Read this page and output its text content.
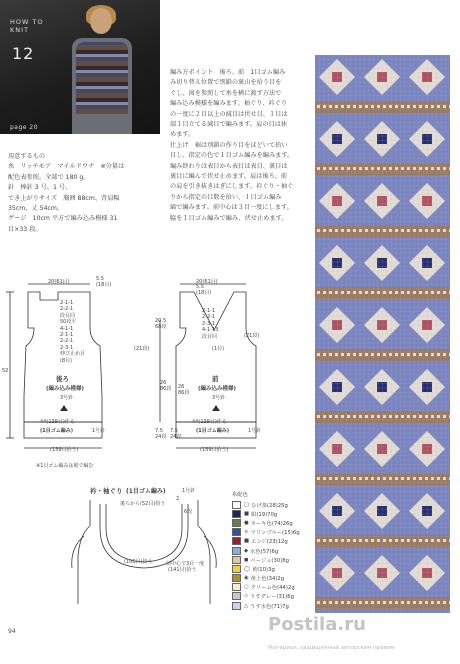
HOW TO
KNIT
12
page 20
用意するもの
糸　リッチモア　マイルドウナ　※分量は
配色表参照。全部で 180 g。
針　棒針 3 号、1 号。
でき上がりサイズ　胸囲 88cm、背肩幅
35cm、丈 54cm。
ゲージ　10cm 平方で編み込み模様 31
目×33 段。
編み方ポイント　後ろ、前　1目ゴム編み
み切り替え位置で別鎖の裏山を拾う目を
ぐし、図を参照して糸を横に渡す方法で
編み込み模様を編みます。袖ぐり、衿ぐり
の一度に２目以上の減目は伏せ目、１目は
端１目立てる減目で編みます。肩の目は休
めます。
仕上げ　裾は別鎖の作り目をほどいて拾い
目し、指定の色で１目ゴム編みを編みます。
編み終わりは表目から表目は表目、裏目は
裏目に編んで伏せ止めます。肩は後ろ、前
の肩を引き抜きはぎにします。衿ぐり・袖ぐ
りから指定の目数を拾い、１目ゴム編み
縞で編みます。前中心は３目一度にします。
脇を１目ゴム編みで編み、伏せ止めます。
20(61目)	5.5
(18目)
2-1-1
2-2-1
段目回
50段平
4-1-1
2-1-1
2-2-1
2-3-1
伸び止め目
(8目)
(21段)
52
後ろ
(編み込み模様)
3号針
20.5
68段
26
86段
7.5
24段
44(139目)作る
(1目ゴム編み)	1号針
(139目拾う)
20(61目)
5.5
(18目)
2-1-1
2-2-1
2-3-1
4-1-13
段目回
(1目)
(21段)
前
(編み込み模様)
3号針
26
86段
7.5
24段
44(139目)作る
(1目ゴム編み)	1号針
(139目拾う)
※1目ゴム編みは裾で編む
衿・袖ぐり (1目ゴム編み)	1号針
後ろから(52目)拾う
(106目)拾う	前中心で3目一度
(141目)拾う
2
6段
糸配色
□ ひげ茶(28)25g
■ 紺(19)70g
● カーキ色(74)26g
× マリンブルー(15)6g
■ エンジ(23)12g
◆ 水色(57)6g
◼ ベージュ(30)8g
◯ 黄(10)3g
◉ 黄土色(34)2g
○ クリーム色(44)2g
◇ うすグレー(31)6g
△ うす水色(71)7g
94	Postila.ru
Материал, защищенный авторским правом
